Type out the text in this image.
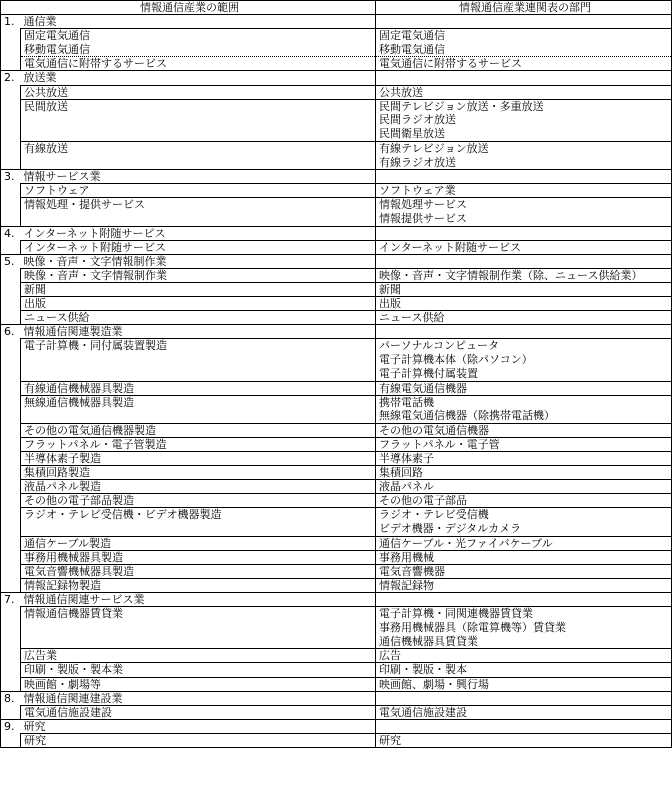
情報通信産業の範囲		情報通信産業連関表の部門
1.	通信業	
	固定電気通信	固定電気通信
	移動電気通信	移動電気通信
	電気通信に附帯するサービス	電気通信に附帯するサービス
2.	放送業	
	公共放送	公共放送
	民間放送	民間テレビジョン放送・多重放送
		民間ラジオ放送
		民間衛星放送
	有線放送	有線テレビジョン放送
		有線ラジオ放送
3.	情報サービス業	
	ソフトウェア	ソフトウェア業
	情報処理・提供サービス	情報処理サービス
		情報提供サービス
4.	インターネット附随サービス	
	インターネット附随サービス	インターネット附随サービス
5.	映像・音声・文字情報制作業	
	映像・音声・文字情報制作業	映像・音声・文字情報制作業（除、ニュース供給業）
	新聞	新聞
	出版	出版
	ニュース供給	ニュース供給
6.	情報通信関連製造業	
	電子計算機・同付属装置製造	パーソナルコンピュータ
		電子計算機本体（除パソコン）
		電子計算機付属装置
	有線通信機械器具製造	有線電気通信機器
	無線通信機械器具製造	携帯電話機
		無線電気通信機器（除携帯電話機）
	その他の電気通信機器製造	その他の電気通信機器
	フラットパネル・電子管製造	フラットパネル・電子管
	半導体素子製造	半導体素子
	集積回路製造	集積回路
	液晶パネル製造	液晶パネル
	その他の電子部品製造	その他の電子部品
	ラジオ・テレビ受信機・ビデオ機器製造	ラジオ・テレビ受信機
		ビデオ機器・デジタルカメラ
	通信ケーブル製造	通信ケーブル・光ファイバケーブル
	事務用機械器具製造	事務用機械
	電気音響機械器具製造	電気音響機器
	情報記録物製造	情報記録物
7.	情報通信関連サービス業	
	情報通信機器賃貸業	電子計算機・同関連機器賃貸業
		事務用機械器具（除電算機等）賃貸業
		通信機械器具賃貸業
	広告業	広告
	印刷・製版・製本業	印刷・製版・製本
	映画館・劇場等	映画館、劇場・興行場
8.	情報通信関連建設業	
	電気通信施設建設	電気通信施設建設
9.	研究	
	研究	研究
